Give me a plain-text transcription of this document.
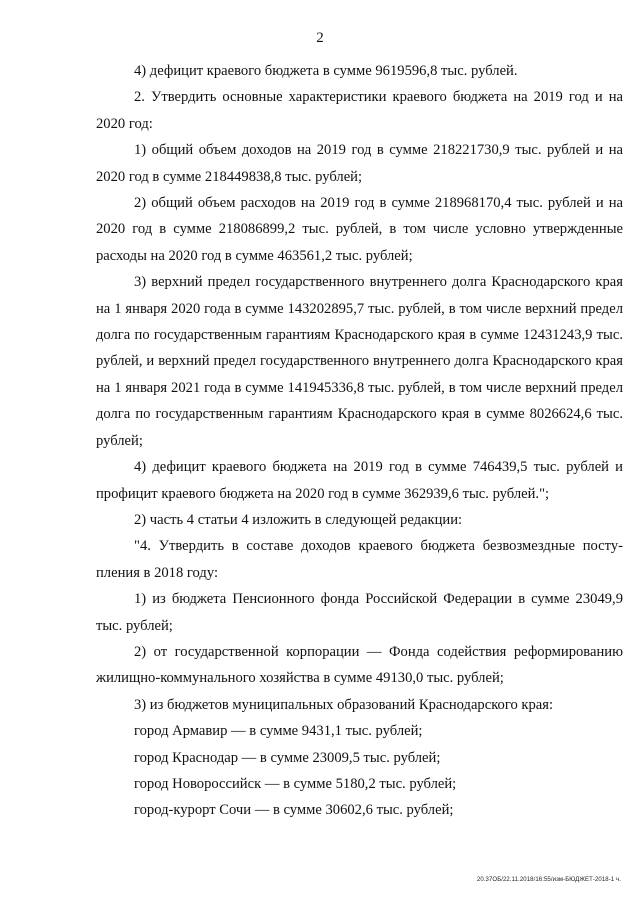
2

4) дефицит краевого бюджета в сумме 9619596,8 тыс. рублей.

2. Утвердить основные характеристики краевого бюджета на 2019 год и на 2020 год:

1) общий объем доходов на 2019 год в сумме 218221730,9 тыс. рублей и на 2020 год в сумме 218449838,8 тыс. рублей;

2) общий объем расходов на 2019 год в сумме 218968170,4 тыс. рублей и на 2020 год в сумме 218086899,2 тыс. рублей, в том числе условно утвержденные расходы на 2020 год в сумме 463561,2 тыс. рублей;

3) верхний предел государственного внутреннего долга Краснодарского края на 1 января 2020 года в сумме 143202895,7 тыс. рублей, в том числе верхний предел долга по государственным гарантиям Краснодарского края в сумме 12431243,9 тыс. рублей, и верхний предел государственного внутреннего долга Краснодарского края на 1 января 2021 года в сумме 141945336,8 тыс. рублей, в том числе верхний предел долга по государственным гарантиям Краснодарского края в сумме 8026624,6 тыс. рублей;

4) дефицит краевого бюджета на 2019 год в сумме 746439,5 тыс. рублей и профицит краевого бюджета на 2020 год в сумме 362939,6 тыс. рублей.";

2) часть 4 статьи 4 изложить в следующей редакции:

"4. Утвердить в составе доходов краевого бюджета безвозмездные поступления в 2018 году:

1) из бюджета Пенсионного фонда Российской Федерации в сумме 23049,9 тыс. рублей;

2) от государственной корпорации — Фонда содействия реформированию жилищно-коммунального хозяйства в сумме 49130,0 тыс. рублей;

3) из бюджетов муниципальных образований Краснодарского края:

город Армавир — в сумме 9431,1 тыс. рублей;

город Краснодар — в сумме 23009,5 тыс. рублей;

город Новороссийск — в сумме 5180,2 тыс. рублей;

город-курорт Сочи — в сумме 30602,6 тыс. рублей;

20.37ОБ/22.11.2018/16:55/изм-БЮДЖЕТ-2018-1 ч.
